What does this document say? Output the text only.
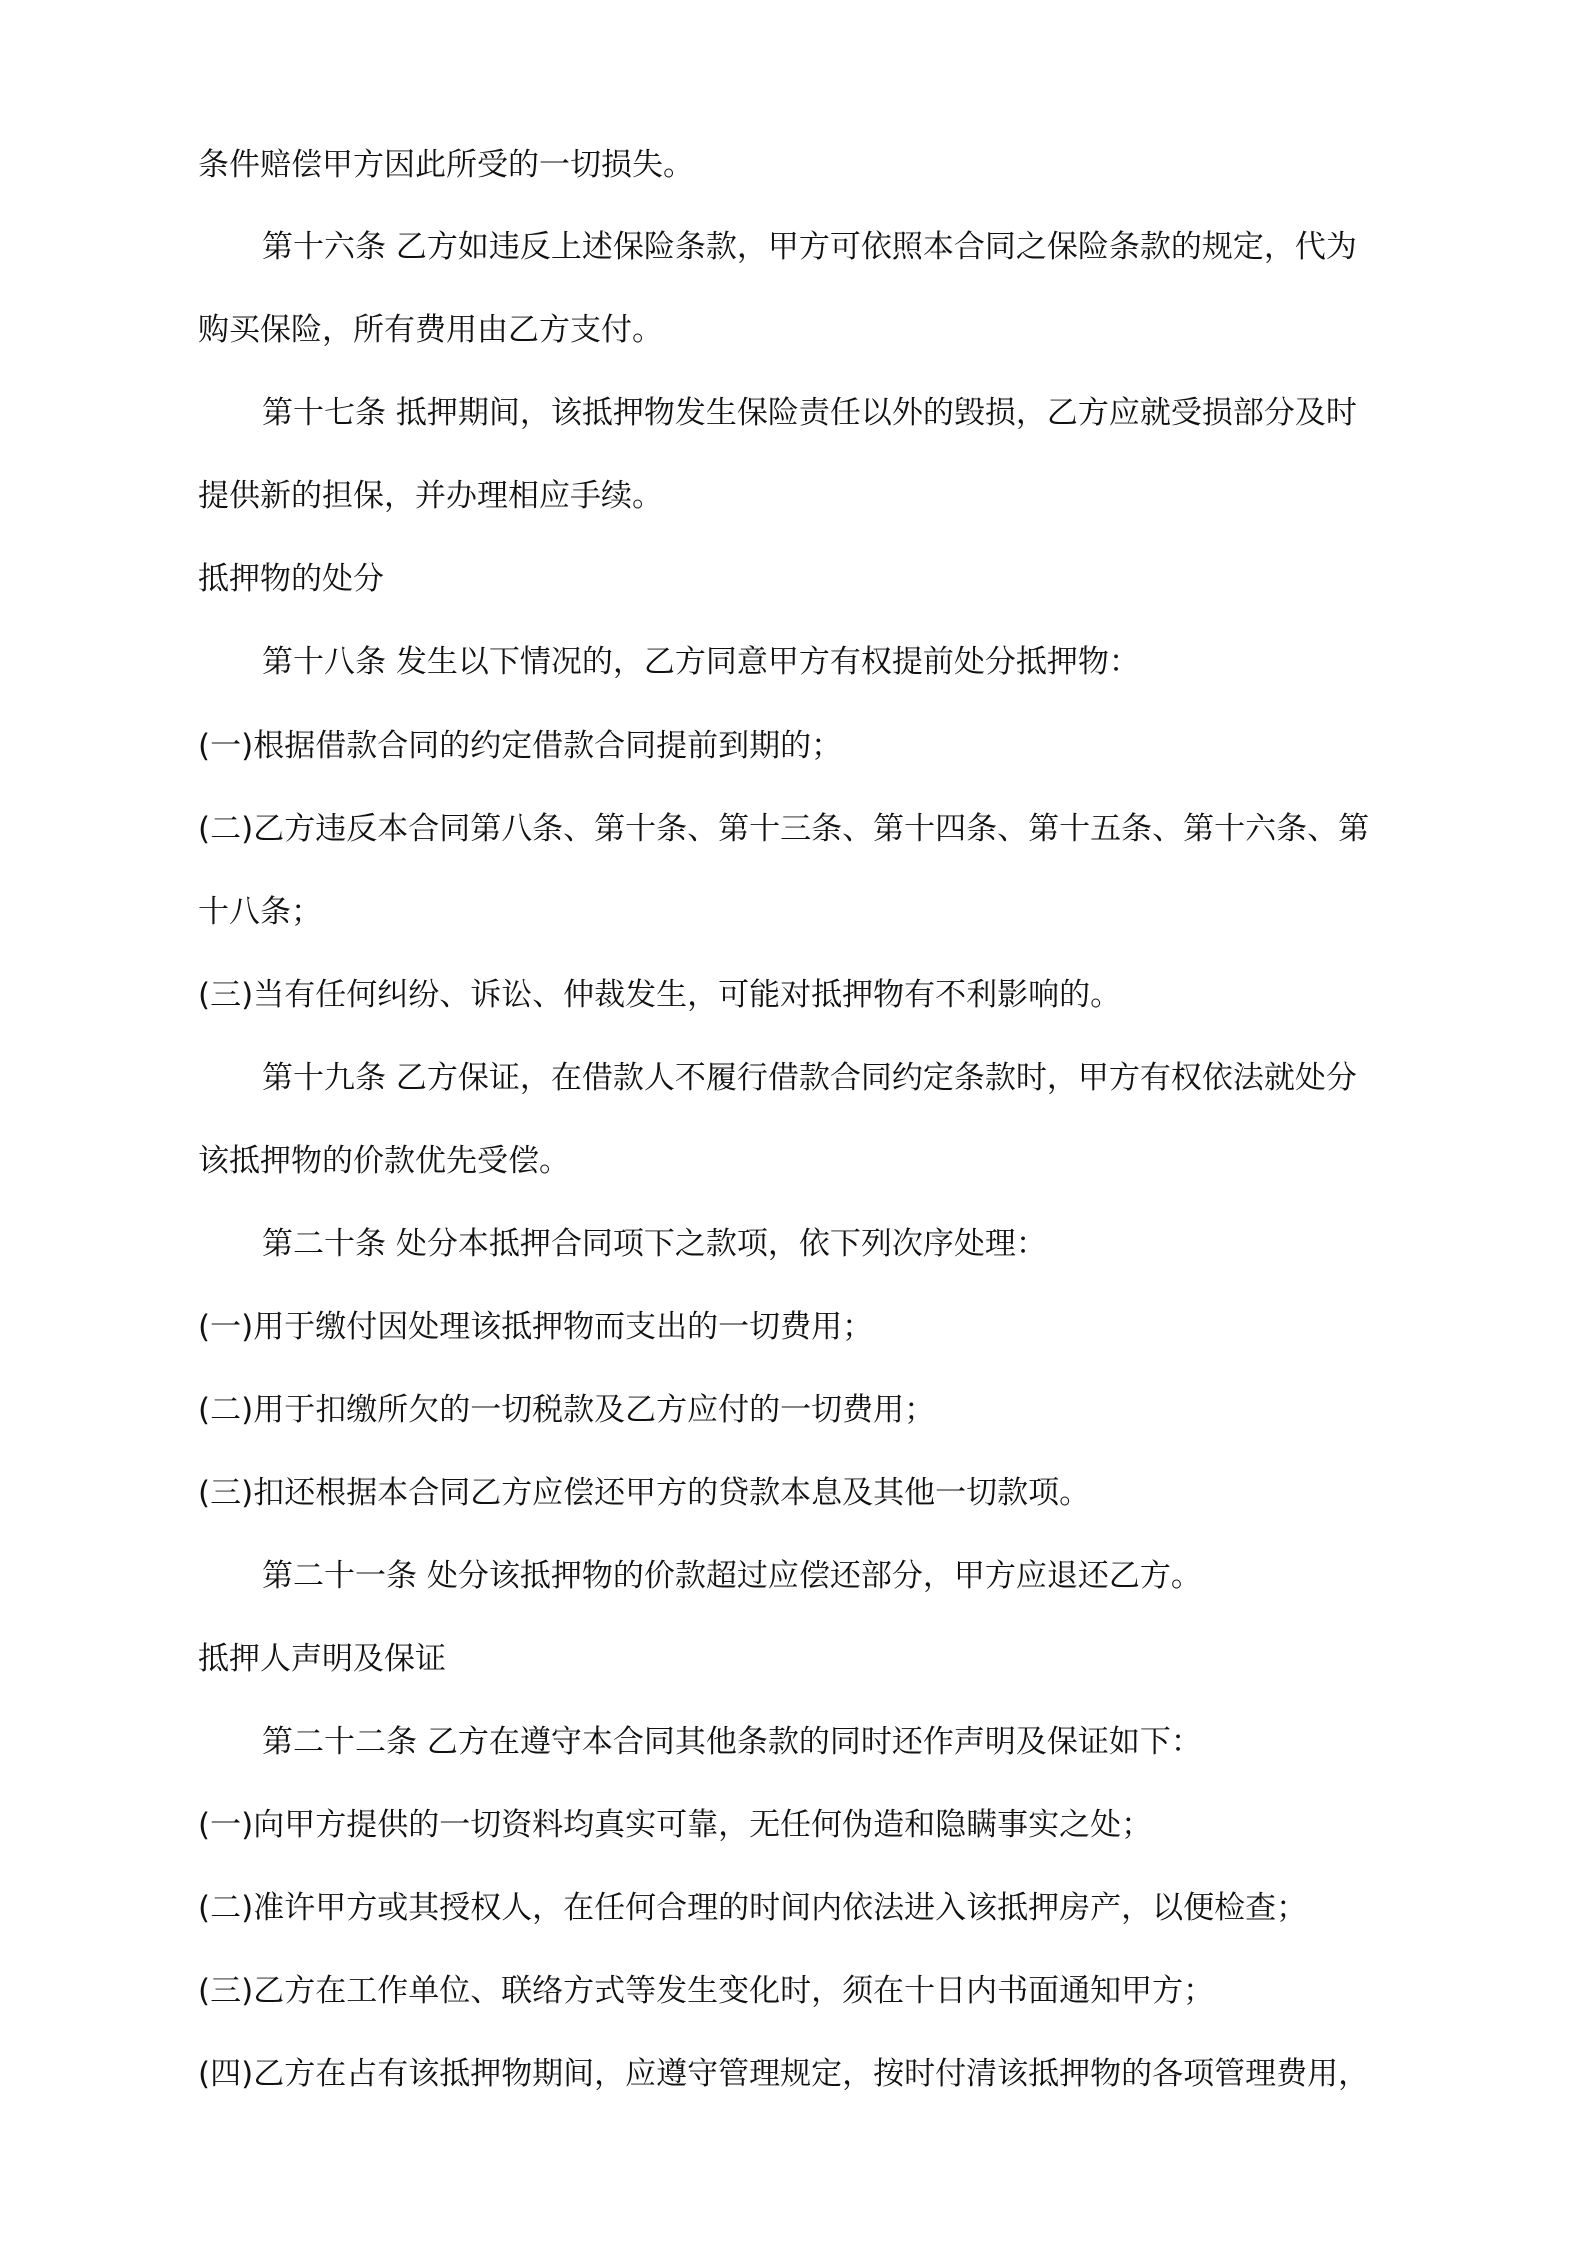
条件赔偿甲方因此所受的一切损失。
第十六条 乙方如违反上述保险条款，甲方可依照本合同之保险条款的规定，代为
购买保险，所有费用由乙方支付。
第十七条 抵押期间，该抵押物发生保险责任以外的毁损，乙方应就受损部分及时
提供新的担保，并办理相应手续。
抵押物的处分
第十八条 发生以下情况的，乙方同意甲方有权提前处分抵押物：
(一)根据借款合同的约定借款合同提前到期的；
(二)乙方违反本合同第八条、第十条、第十三条、第十四条、第十五条、第十六条、第
十八条；
(三)当有任何纠纷、诉讼、仲裁发生，可能对抵押物有不利影响的。
第十九条 乙方保证，在借款人不履行借款合同约定条款时，甲方有权依法就处分
该抵押物的价款优先受偿。
第二十条 处分本抵押合同项下之款项，依下列次序处理：
(一)用于缴付因处理该抵押物而支出的一切费用；
(二)用于扣缴所欠的一切税款及乙方应付的一切费用；
(三)扣还根据本合同乙方应偿还甲方的贷款本息及其他一切款项。
第二十一条 处分该抵押物的价款超过应偿还部分，甲方应退还乙方。
抵押人声明及保证
第二十二条 乙方在遵守本合同其他条款的同时还作声明及保证如下：
(一)向甲方提供的一切资料均真实可靠，无任何伪造和隐瞒事实之处；
(二)准许甲方或其授权人，在任何合理的时间内依法进入该抵押房产，以便检查；
(三)乙方在工作单位、联络方式等发生变化时，须在十日内书面通知甲方；
(四)乙方在占有该抵押物期间，应遵守管理规定，按时付清该抵押物的各项管理费用，
